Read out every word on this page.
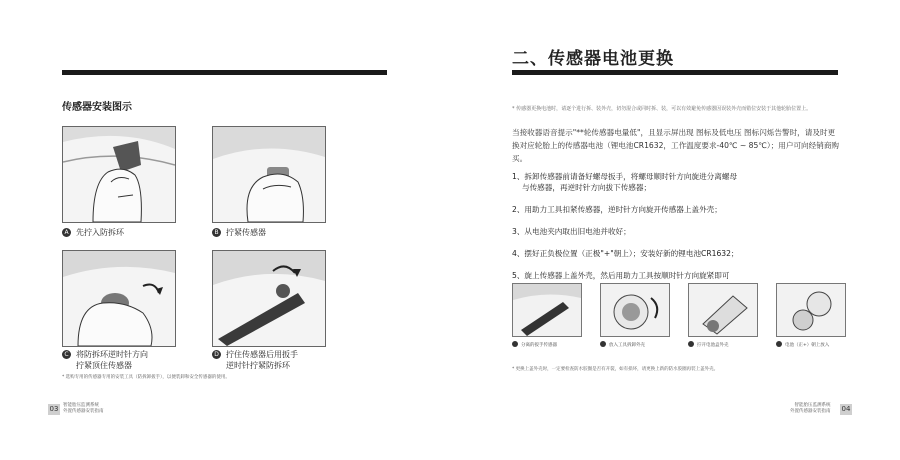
传感器安装图示
A 先拧入防拆环	B 拧紧传感器
C 将防拆环逆时针方向
拧紧顶住传感器
D 拧住传感器后用扳手
逆时针拧紧防拆环
* 选购专用的传感器专用的安装工具（防拆卸扳手），以便装卸和安全传感器的使用。
03	智能胎压监测系统
外置传感器安装指南
二、传感器电池更换
* 传感器更换电池时，请逐个进行拆、装外壳，切勿混合或同时拆、装，可以有效避免传感器因误装外壳而错位安装于其他轮胎位置上。
当接收器语音提示"**轮传感器电量低"，且显示屏出现 图标及低电压 图标闪烁告警时，请及时更换对应轮胎上的传感器电池（锂电池CR1632，工作温度要求-40℃ ~ 85℃）；用户可向经销商购买。
1、拆卸传感器前请备好螺母扳手，将螺母顺时针方向旋进分离螺母
与传感器，再逆时针方向拔下传感器；
2、用助力工具扣紧传感器，逆时针方向旋开传感器上盖外壳；
3、从电池夹内取出旧电池并收好；
4、摆好正负极位置（正极"+"朝上）；安装好新的锂电池CR1632；
5、旋上传感器上盖外壳，然后用助力工具按顺时针方向旋紧即可
分离的扳手传感器	放入工具拆卸外壳	拧开电池盒外壳	电池（正+）朝上放入
* 更换上盖外壳时，一定要检查防水胶圈是否有开裂，如有损坏，请更换上新的防水胶圈再装上盖外壳。
智能胎压监测系统
外置传感器安装指南 04
